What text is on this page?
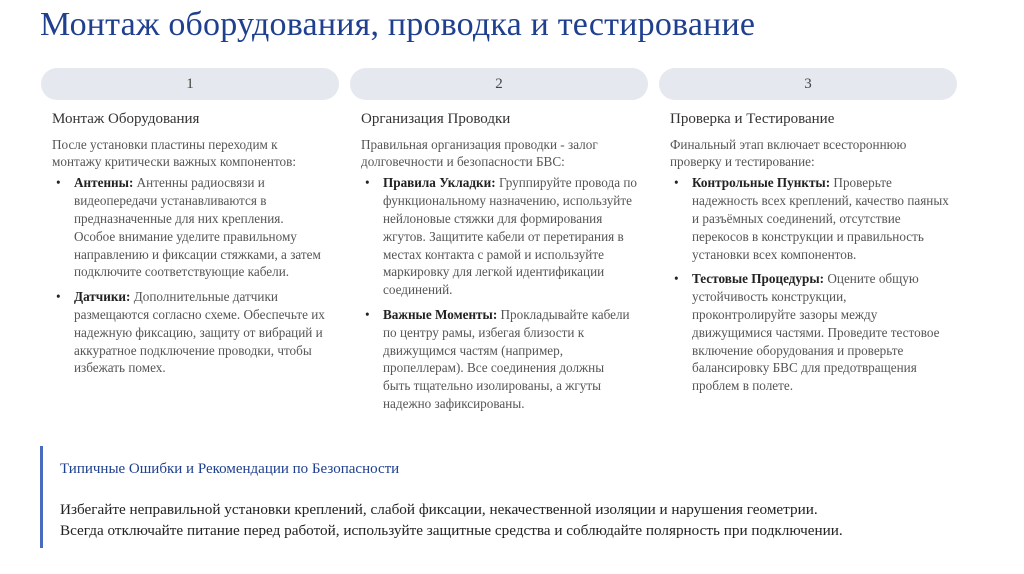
Монтаж оборудования, проводка и тестирование
1	2	3
Монтаж Оборудования

После установки пластины переходим к монтажу критически важных компонентов:

• Антенны: Антенны радиосвязи и видеопередачи устанавливаются в предназначенные для них крепления. Особое внимание уделите правильному направлению и фиксации стяжками, а затем подключите соответствующие кабели.
• Датчики: Дополнительные датчики размещаются согласно схеме. Обеспечьте их надежную фиксацию, защиту от вибраций и аккуратное подключение проводки, чтобы избежать помех.
Организация Проводки

Правильная организация проводки - залог долговечности и безопасности БВС:

• Правила Укладки: Группируйте провода по функциональному назначению, используйте нейлоновые стяжки для формирования жгутов. Защитите кабели от перетирания в местах контакта с рамой и используйте маркировку для легкой идентификации соединений.
• Важные Моменты: Прокладывайте кабели по центру рамы, избегая близости к движущимся частям (например, пропеллерам). Все соединения должны быть тщательно изолированы, а жгуты надежно зафиксированы.
Проверка и Тестирование

Финальный этап включает всестороннюю проверку и тестирование:

• Контрольные Пункты: Проверьте надежность всех креплений, качество паяных и разъёмных соединений, отсутствие перекосов в конструкции и правильность установки всех компонентов.
• Тестовые Процедуры: Оцените общую устойчивость конструкции, проконтролируйте зазоры между движущимися частями. Проведите тестовое включение оборудования и проверьте балансировку БВС для предотвращения проблем в полете.
Типичные Ошибки и Рекомендации по Безопасности

Избегайте неправильной установки креплений, слабой фиксации, некачественной изоляции и нарушения геометрии.
Всегда отключайте питание перед работой, используйте защитные средства и соблюдайте полярность при подключении.
